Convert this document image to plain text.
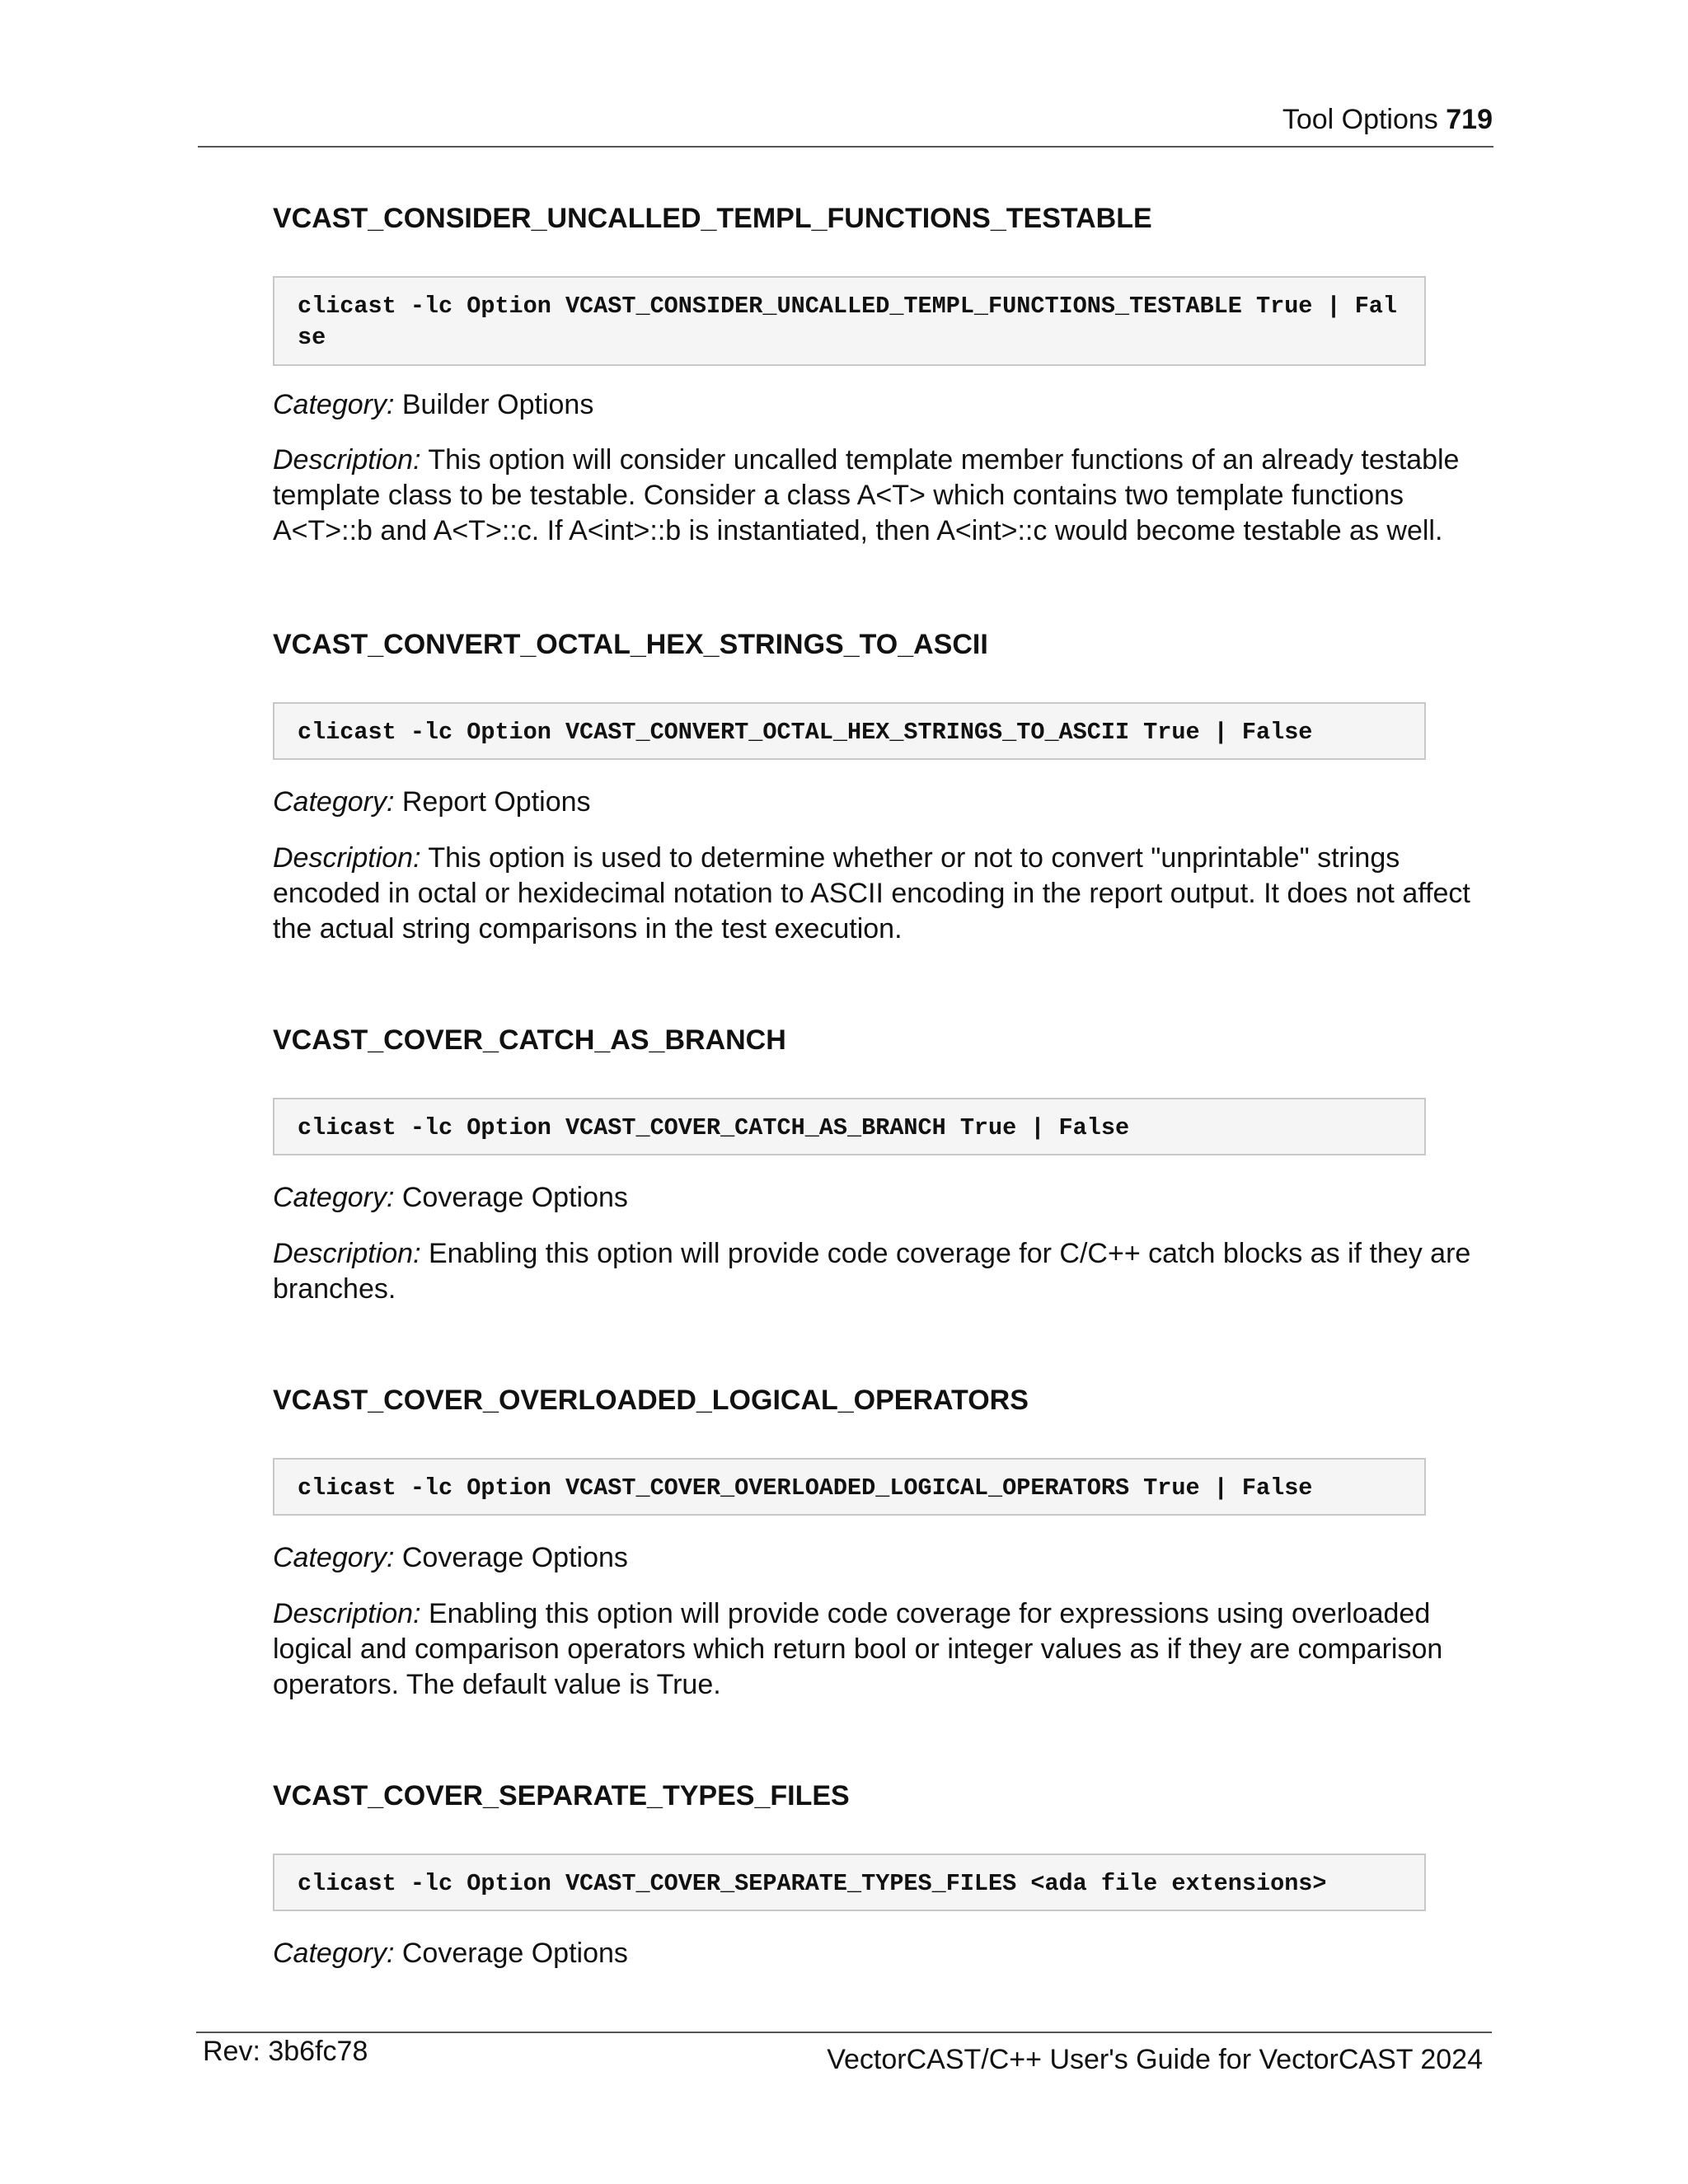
Tool Options 719
VCAST_CONSIDER_UNCALLED_TEMPL_FUNCTIONS_TESTABLE
clicast -lc Option VCAST_CONSIDER_UNCALLED_TEMPL_FUNCTIONS_TESTABLE True | False

Category: Builder Options

Description: This option will consider uncalled template member functions of an already testable template class to be testable. Consider a class A<T> which contains two template functions A<T>::b and A<T>::c. If A<int>::b is instantiated, then A<int>::c would become testable as well.

VCAST_CONVERT_OCTAL_HEX_STRINGS_TO_ASCII
clicast -lc Option VCAST_CONVERT_OCTAL_HEX_STRINGS_TO_ASCII True | False

Category: Report Options

Description: This option is used to determine whether or not to convert "unprintable" strings encoded in octal or hexidecimal notation to ASCII encoding in the report output. It does not affect the actual string comparisons in the test execution.

VCAST_COVER_CATCH_AS_BRANCH
clicast -lc Option VCAST_COVER_CATCH_AS_BRANCH True | False

Category: Coverage Options

Description: Enabling this option will provide code coverage for C/C++ catch blocks as if they are branches.

VCAST_COVER_OVERLOADED_LOGICAL_OPERATORS
clicast -lc Option VCAST_COVER_OVERLOADED_LOGICAL_OPERATORS True | False

Category: Coverage Options

Description: Enabling this option will provide code coverage for expressions using overloaded logical and comparison operators which return bool or integer values as if they are comparison operators. The default value is True.

VCAST_COVER_SEPARATE_TYPES_FILES
clicast -lc Option VCAST_COVER_SEPARATE_TYPES_FILES <ada file extensions>

Category: Coverage Options

Rev: 3b6fc78	VectorCAST/C++ User's Guide for VectorCAST 2024
